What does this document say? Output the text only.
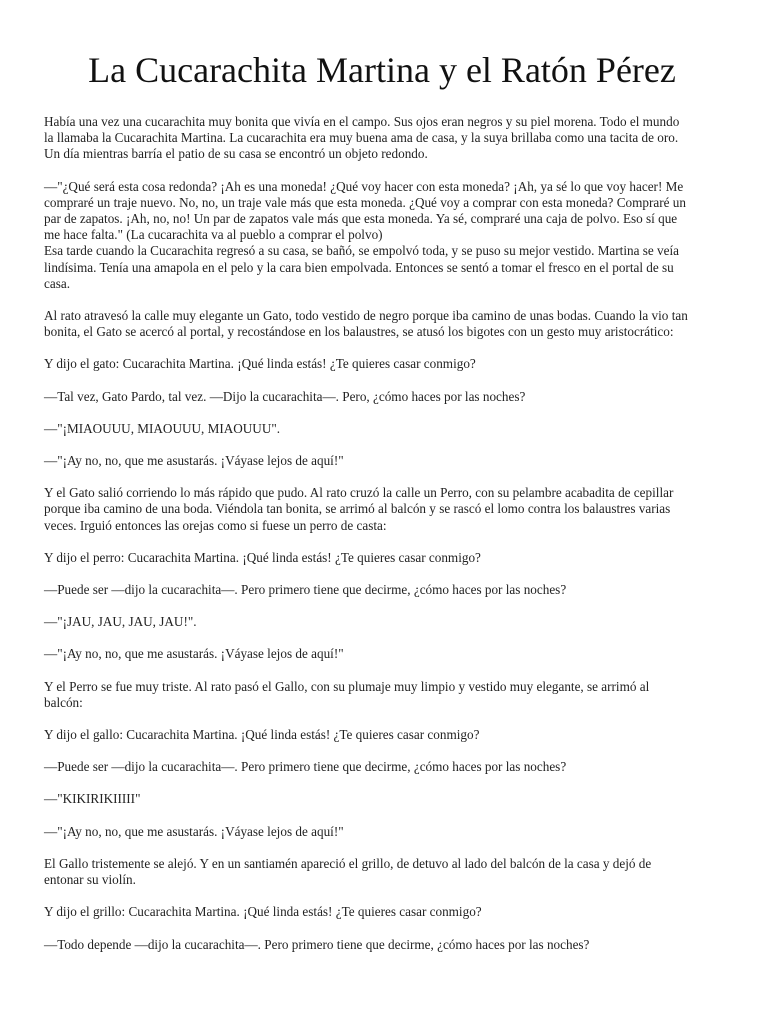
La Cucarachita Martina y el Ratón Pérez

Había una vez una cucarachita muy bonita que vivía en el campo. Sus ojos eran negros y su piel morena. Todo el mundo
la llamaba la Cucarachita Martina. La cucarachita era muy buena ama de casa, y la suya brillaba como una tacita de oro.
Un día mientras barría el patio de su casa se encontró un objeto redondo.

—"¿Qué será esta cosa redonda? ¡Ah es una moneda! ¿Qué voy hacer con esta moneda? ¡Ah, ya sé lo que voy hacer! Me
compraré un traje nuevo. No, no, un traje vale más que esta moneda. ¿Qué voy a comprar con esta moneda? Compraré un
par de zapatos. ¡Ah, no, no! Un par de zapatos vale más que esta moneda. Ya sé, compraré una caja de polvo. Eso sí que
me hace falta." (La cucarachita va al pueblo a comprar el polvo)

Esa tarde cuando la Cucarachita regresó a su casa, se bañó, se empolvó toda, y se puso su mejor vestido. Martina se veía
lindísima. Tenía una amapola en el pelo y la cara bien empolvada. Entonces se sentó a tomar el fresco en el portal de su
casa.

Al rato atravesó la calle muy elegante un Gato, todo vestido de negro porque iba camino de unas bodas. Cuando la vio tan
bonita, el Gato se acercó al portal, y recostándose en los balaustres, se atusó los bigotes con un gesto muy aristocrático:

Y dijo el gato: Cucarachita Martina. ¡Qué linda estás! ¿Te quieres casar conmigo?

—Tal vez, Gato Pardo, tal vez. —Dijo la cucarachita—. Pero, ¿cómo haces por las noches?

—"¡MIAOUUU, MIAOUUU, MIAOUUU".

—"¡Ay no, no, que me asustarás. ¡Váyase lejos de aquí!"

Y el Gato salió corriendo lo más rápido que pudo. Al rato cruzó la calle un Perro, con su pelambre acabadita de cepillar
porque iba camino de una boda. Viéndola tan bonita, se arrimó al balcón y se rascó el lomo contra los balaustres varias
veces. Irguió entonces las orejas como si fuese un perro de casta:

Y dijo el perro: Cucarachita Martina. ¡Qué linda estás! ¿Te quieres casar conmigo?

—Puede ser —dijo la cucarachita—. Pero primero tiene que decirme, ¿cómo haces por las noches?

—"¡JAU, JAU, JAU, JAU!".

—"¡Ay no, no, que me asustarás. ¡Váyase lejos de aquí!"

Y el Perro se fue muy triste. Al rato pasó el Gallo, con su plumaje muy limpio y vestido muy elegante, se arrimó al
balcón:

Y dijo el gallo: Cucarachita Martina. ¡Qué linda estás! ¿Te quieres casar conmigo?

—Puede ser —dijo la cucarachita—. Pero primero tiene que decirme, ¿cómo haces por las noches?

—"KIKIRIKIIIII"

—"¡Ay no, no, que me asustarás. ¡Váyase lejos de aquí!"

El Gallo tristemente se alejó. Y en un santiamén apareció el grillo, de detuvo al lado del balcón de la casa y dejó de
entonar su violín.

Y dijo el grillo: Cucarachita Martina. ¡Qué linda estás! ¿Te quieres casar conmigo?

—Todo depende —dijo la cucarachita—. Pero primero tiene que decirme, ¿cómo haces por las noches?
